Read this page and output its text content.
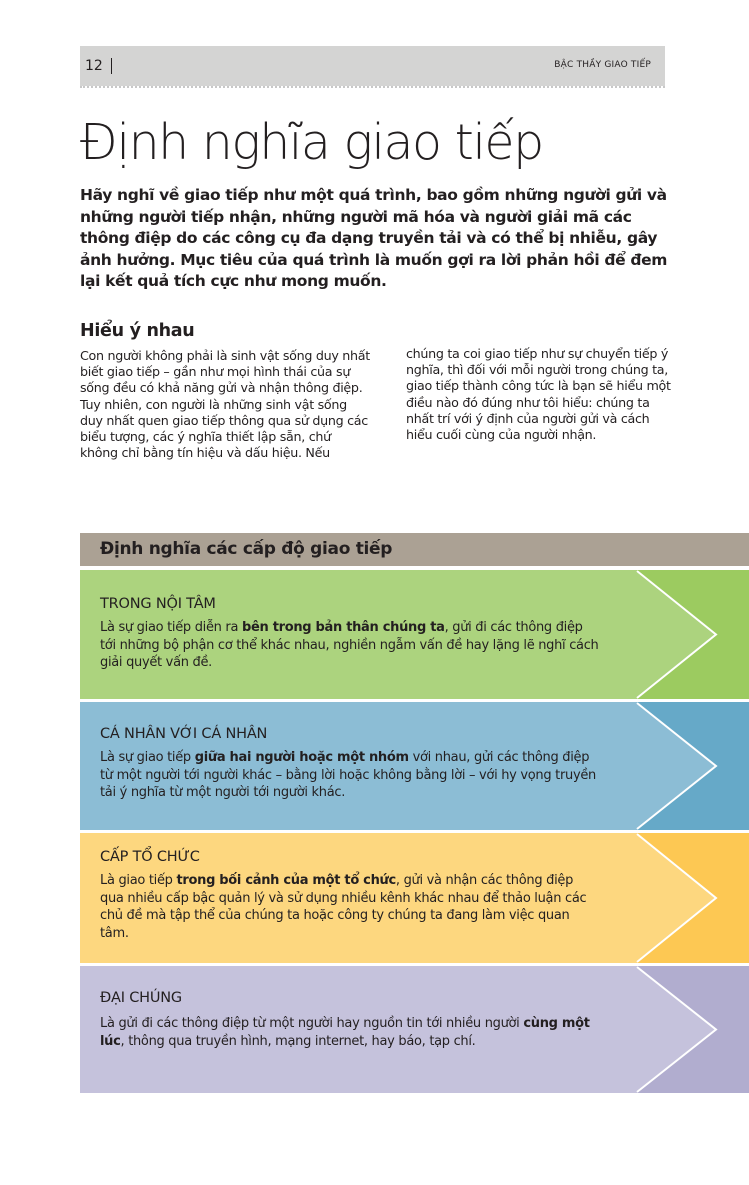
12	BẬC THẦY GIAO TIẾP
Định nghĩa giao tiếp

Hãy nghĩ về giao tiếp như một quá trình, bao gồm những người gửi và những người tiếp nhận, những người mã hóa và người giải mã các thông điệp do các công cụ đa dạng truyền tải và có thể bị nhiễu, gây ảnh hưởng. Mục tiêu của quá trình là muốn gợi ra lời phản hồi để đem lại kết quả tích cực như mong muốn.

Hiểu ý nhau

Con người không phải là sinh vật sống duy nhất biết giao tiếp – gần như mọi hình thái của sự sống đều có khả năng gửi và nhận thông điệp. Tuy nhiên, con người là những sinh vật sống duy nhất quen giao tiếp thông qua sử dụng các biểu tượng, các ý nghĩa thiết lập sẵn, chứ không chỉ bằng tín hiệu và dấu hiệu. Nếu

chúng ta coi giao tiếp như sự chuyển tiếp ý nghĩa, thì đối với mỗi người trong chúng ta, giao tiếp thành công tức là bạn sẽ hiểu một điều nào đó đúng như tôi hiểu: chúng ta nhất trí với ý định của người gửi và cách hiểu cuối cùng của người nhận.

Định nghĩa các cấp độ giao tiếp
TRONG NỘI TÂM

Là sự giao tiếp diễn ra bên trong bản thân chúng ta, gửi đi các thông điệp tới những bộ phận cơ thể khác nhau, nghiền ngẫm vấn đề hay lặng lẽ nghĩ cách giải quyết vấn đề.

CÁ NHÂN VỚI CÁ NHÂN

Là sự giao tiếp giữa hai người hoặc một nhóm với nhau, gửi các thông điệp từ một người tới người khác – bằng lời hoặc không bằng lời – với hy vọng truyền tải ý nghĩa từ một người tới người khác.

CẤP TỔ CHỨC

Là giao tiếp trong bối cảnh của một tổ chức, gửi và nhận các thông điệp qua nhiều cấp bậc quản lý và sử dụng nhiều kênh khác nhau để thảo luận các chủ đề mà tập thể của chúng ta hoặc công ty chúng ta đang làm việc quan tâm.

ĐẠI CHÚNG

Là gửi đi các thông điệp từ một người hay nguồn tin tới nhiều người cùng một lúc, thông qua truyền hình, mạng internet, hay báo, tạp chí.
